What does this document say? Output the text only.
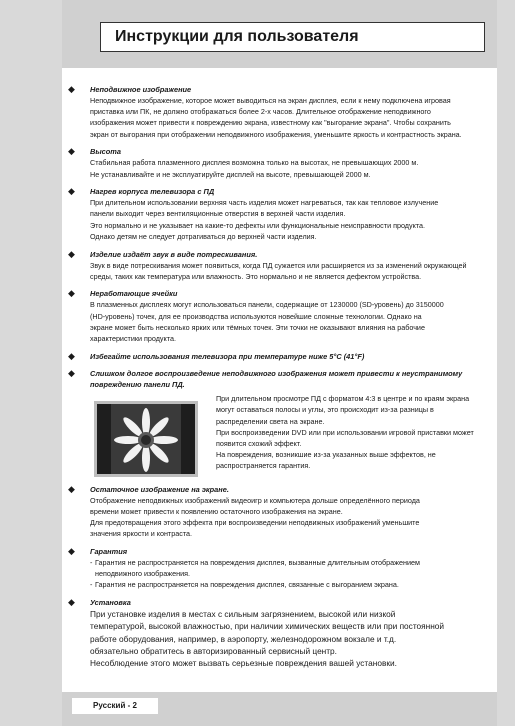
Инструкции для пользователя
◆ Неподвижное изображение
Неподвижное изображение, которое может выводиться на экран дисплея, если к нему подключена игровая
приставка или ПК, не должно отображаться более 2-х часов. Длительное отображение неподвижного
изображения может привести к повреждению экрана, известному как "выгорание экрана". Чтобы сохранить
экран от выгорания при отображении неподвижного изображения, уменьшите яркость и контрастность экрана.
◆ Высота
Стабильная работа плазменного дисплея возможна только на высотах, не превышающих 2000 м.
Не устанавливайте и не эксплуатируйте дисплей на высоте, превышающей 2000 м.
◆ Нагрев корпуса телевизора с ПД
При длительном использовании верхняя часть изделия может нагреваться, так как тепловое излучение
панели выходит через вентиляционные отверстия в верхней части изделия.
Это нормально и не указывает на какие-то дефекты или функциональные неисправности продукта.
Однако детям не следует дотрагиваться до верхней части изделия.
◆ Изделие издаёт звук в виде потрескивания.
Звук в виде потрескивания может появиться, когда ПД сужается или расширяется из за изменений окружающей
среды, таких как температура или влажность. Это нормально и не является дефектом устройства.
◆ Неработающие ячейки
В плазменных дисплеях могут использоваться панели, содержащие от 1230000 (SD-уровень) до 3150000
(HD-уровень) точек, для ее производства используются новейшие сложные технологии. Однако на
экране может быть несколько ярких или тёмных точек. Эти точки не оказывают влияния на рабочие
характеристики продукта.
◆ Избегайте использования телевизора при температуре ниже 5°C (41°F)
◆ Слишком долгое воспроизведение неподвижного изображения может привести к неустранимому повреждению панели ПД.
При длительном просмотре ПД с форматом 4:3 в центре и по краям экрана
могут оставаться полосы и углы, это происходит из-за разницы в
распределении света на экране.
При воспроизведении DVD или при использовании игровой приставки может
появится схожий эффект.
На повреждения, возникшие из-за указанных выше эффектов, не
распространяется гарантия.
◆ Остаточное изображение на экране.
Отображение неподвижных изображений видеоигр и компьютера дольше определённого периода
времени может привести к появлению остаточного изображения на экране.
Для предотвращения этого эффекта при воспроизведении неподвижных изображений уменьшите
значения яркости и контраста.
◆ Гарантия
- Гарантия не распространяется на повреждения дисплея, вызванные длительным отображением
неподвижного изображения.
- Гарантия не распространяется на повреждения дисплея, связанные с выгоранием экрана.
◆ Установка
При установке изделия в местах с сильным загрязнением, высокой или низкой
температурой, высокой влажностью, при наличии химических веществ или при постоянной
работе оборудования, например, в аэропорту, железнодорожном вокзале и т.д.
обязательно обратитесь в авторизированный сервисный центр.
Несоблюдение этого может вызвать серьезные повреждения вашей установки.
Русский - 2
